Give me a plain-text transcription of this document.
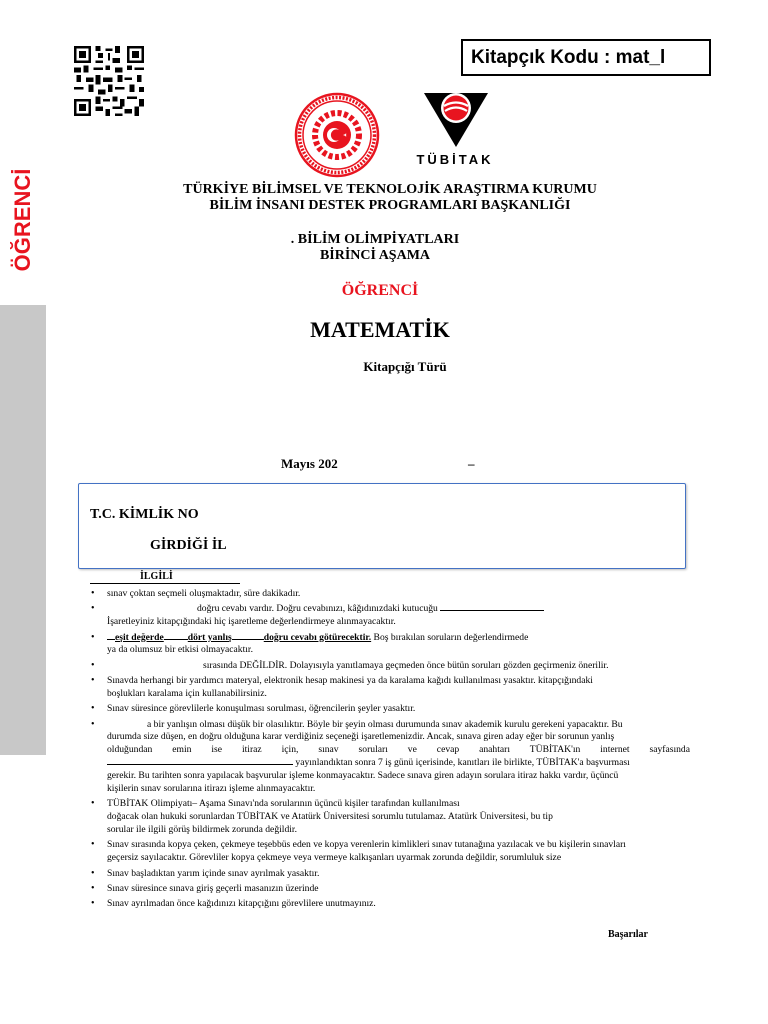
Kitapçık Kodu : mat_l
TÜBİTAK
ÖĞRENCİ	TÜRKİYE BİLİMSEL VE TEKNOLOJİK ARAŞTIRMA KURUMU
BİLİM İNSANI DESTEK PROGRAMLARI BAŞKANLIĞI
. BİLİM OLİMPİYATLARI
BİRİNCİ AŞAMA
ÖĞRENCİ
MATEMATİK
Kitapçığı Türü
Mayıs 202	–
T.C. KİMLİK NO
GİRDİĞİ İL
İLGİLİ
• sınav çoktan seçmeli oluşmaktadır, süre dakikadır.
• doğru cevabı vardır. Doğru cevabınızı, kâğıdınızdaki kutucuğu
İşaretleyiniz kitapçığındaki hiç işaretleme değerlendirmeye alınmayacaktır.
• eşit değerde	dört yanlış	doğru cevabı götürecektir. Boş bırakılan soruların değerlendirmede
ya da olumsuz bir etkisi olmayacaktır.
• sırasında DEĞİLDİR. Dolayısıyla yanıtlamaya geçmeden önce bütün soruları gözden geçirmeniz önerilir.
• Sınavda herhangi bir yardımcı materyal, elektronik hesap makinesi ya da karalama kağıdı kullanılması yasaktır. kitapçığındaki
boşlukları karalama için kullanabilirsiniz.
• Sınav süresince görevlilerle konuşulması sorulması, öğrencilerin şeyler yasaktır.
• a bir yanlışın olması düşük bir olasılıktır. Böyle bir şeyin olması durumunda sınav akademik kurulu gerekeni yapacaktır. Bu
durumda size düşen, en doğru olduğuna karar verdiğiniz seçeneği işaretlemenizdir. Ancak, sınava giren aday eğer bir sorunun yanlış
olduğundan emin ise itiraz için, sınav soruları ve cevap anahtarı TÜBİTAK'ın internet sayfasında
yayınlandıktan sonra 7 iş günü içerisinde, kanıtları ile birlikte, TÜBİTAK'a başvurması
gerekir. Bu tarihten sonra yapılacak başvurular işleme konmayacaktır. Sadece sınava giren adayın sorulara itiraz hakkı vardır, üçüncü
kişilerin sınav sorularına itirazı işleme alınmayacaktır.
• TÜBİTAK Olimpiyatı– Aşama Sınavı'nda sorularının üçüncü kişiler tarafından kullanılması
doğacak olan hukuki sorunlardan TÜBİTAK ve Atatürk Üniversitesi sorumlu tutulamaz. Atatürk Üniversitesi, bu tip
sorular ile ilgili görüş bildirmek zorunda değildir.
• Sınav sırasında kopya çeken, çekmeye teşebbüs eden ve kopya verenlerin kimlikleri sınav tutanağına yazılacak ve bu kişilerin sınavları
geçersiz sayılacaktır. Görevliler kopya çekmeye veya vermeye kalkışanları uyarmak zorunda değildir, sorumluluk size
• Sınav başladıktan yarım içinde sınav ayrılmak yasaktır.
• Sınav süresince sınava giriş geçerli masanızın üzerinde
• Sınav ayrılmadan önce kağıdınızı kitapçığını görevlilere unutmayınız.
Başarılar
